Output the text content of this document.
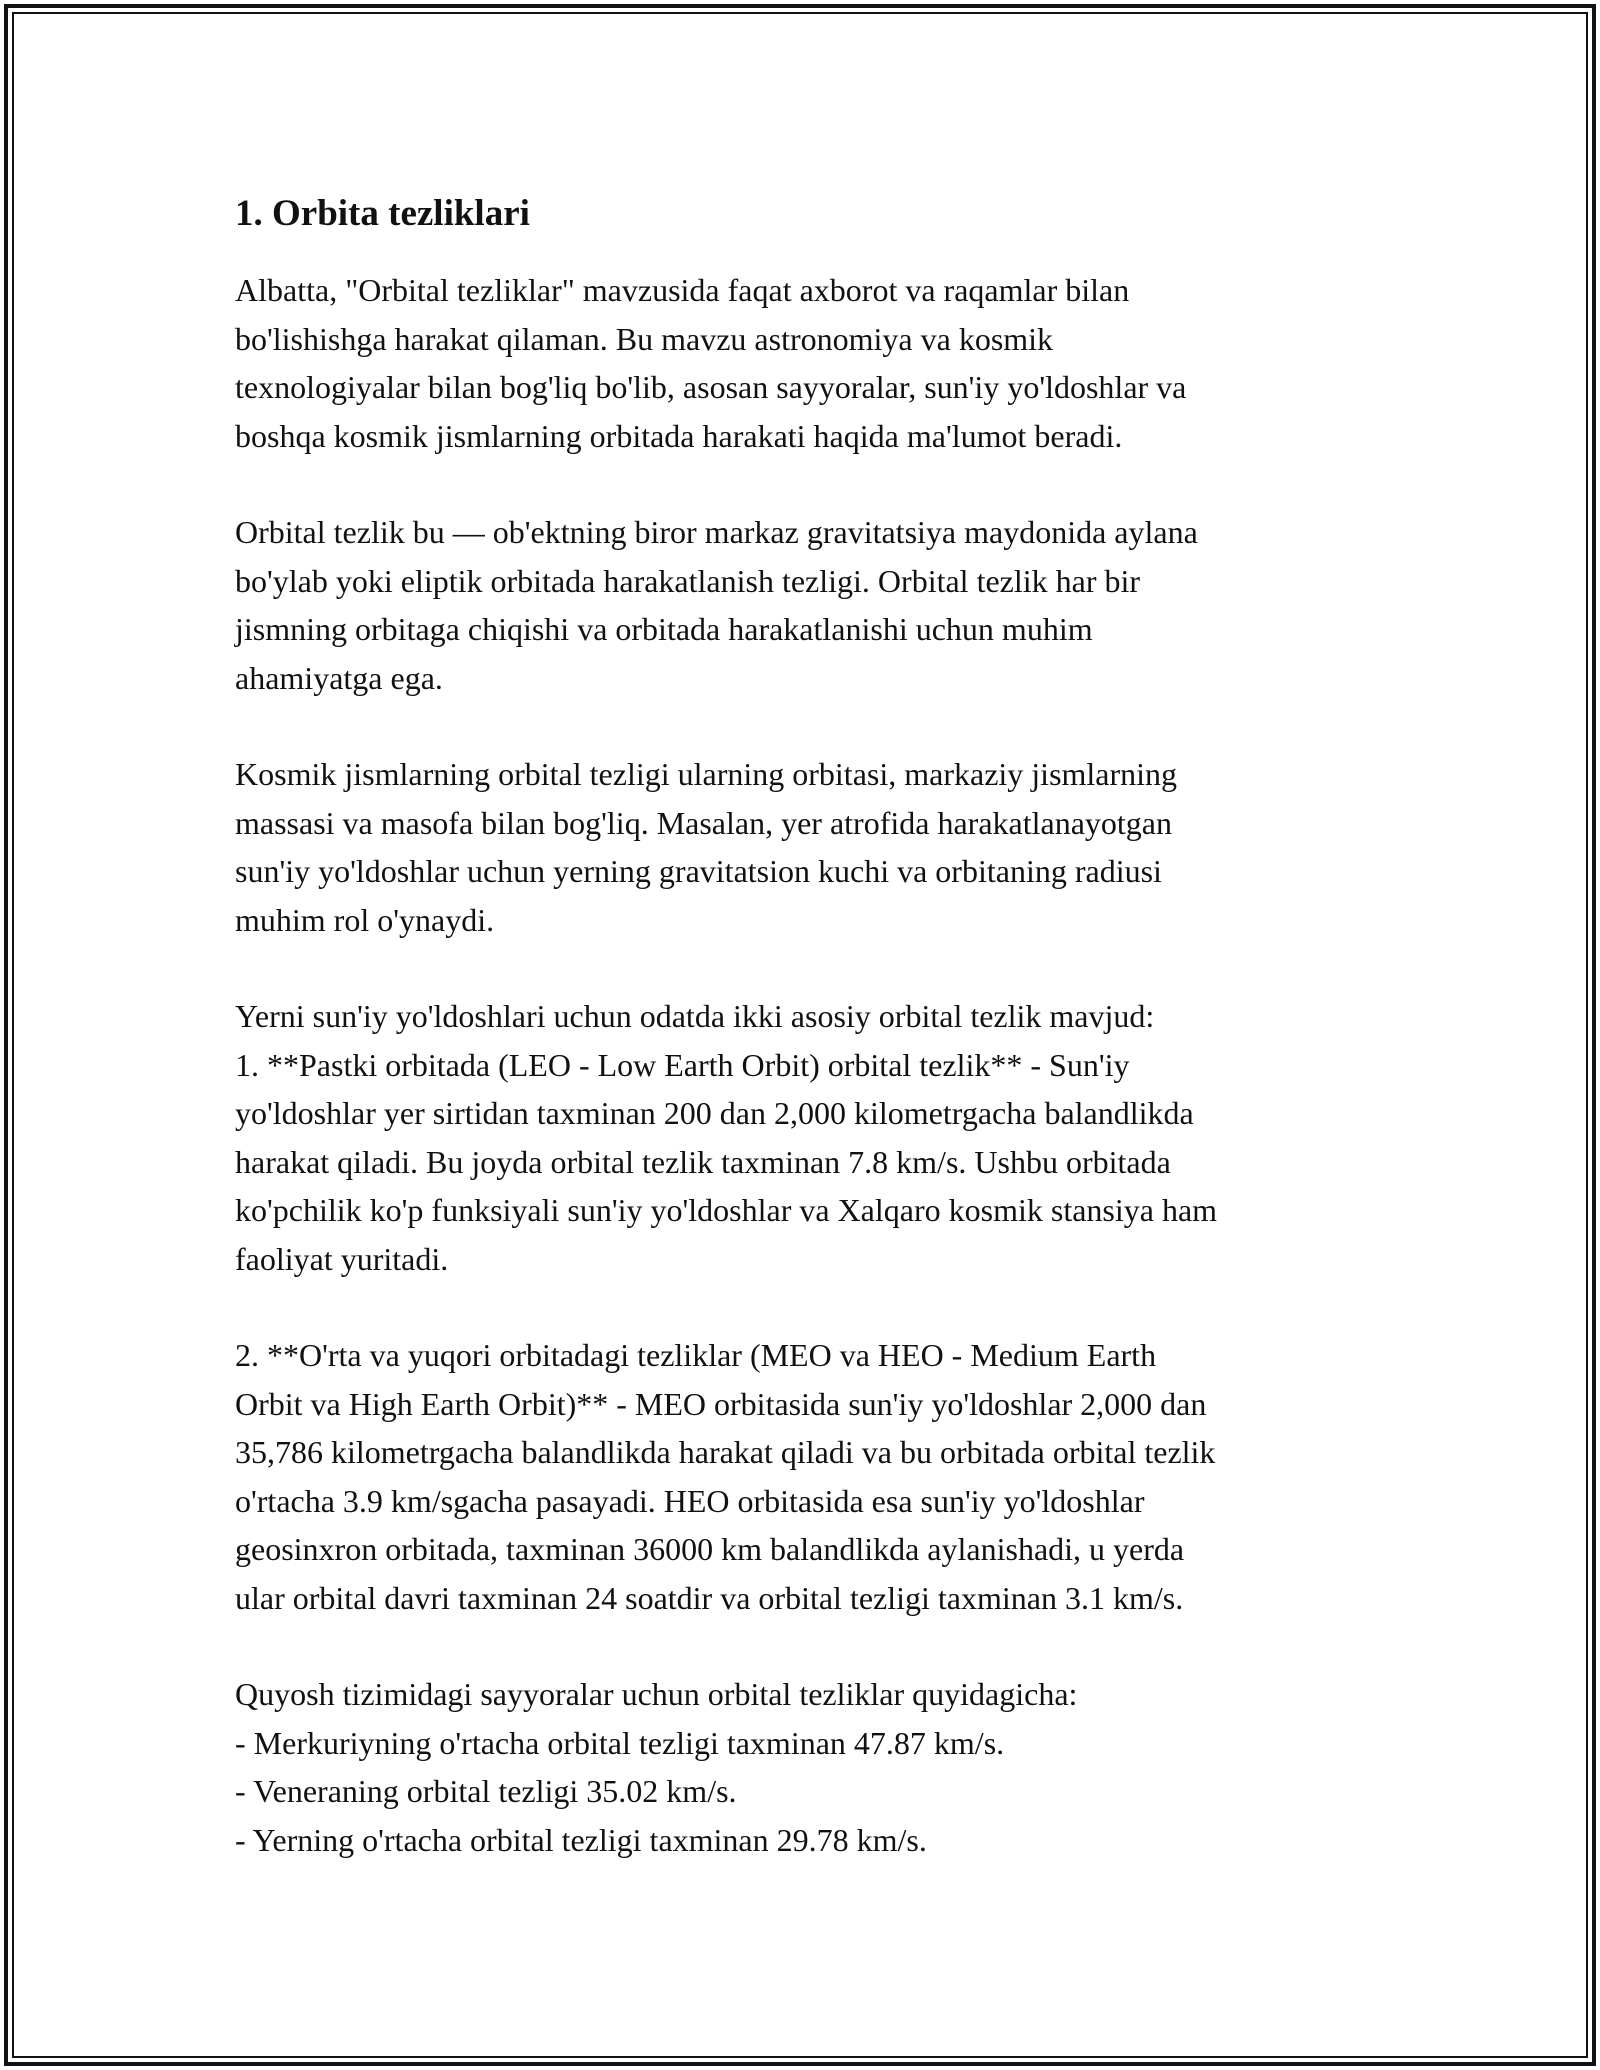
1. Orbita tezliklari
Albatta, "Orbital tezliklar" mavzusida faqat axborot va raqamlar bilan
bo'lishishga harakat qilaman. Bu mavzu astronomiya va kosmik
texnologiyalar bilan bog'liq bo'lib, asosan sayyoralar, sun'iy yo'ldoshlar va
boshqa kosmik jismlarning orbitada harakati haqida ma'lumot beradi.
Orbital tezlik bu — ob'ektning biror markaz gravitatsiya maydonida aylana
bo'ylab yoki eliptik orbitada harakatlanish tezligi. Orbital tezlik har bir
jismning orbitaga chiqishi va orbitada harakatlanishi uchun muhim
ahamiyatga ega.
Kosmik jismlarning orbital tezligi ularning orbitasi, markaziy jismlarning
massasi va masofa bilan bog'liq. Masalan, yer atrofida harakatlanayotgan
sun'iy yo'ldoshlar uchun yerning gravitatsion kuchi va orbitaning radiusi
muhim rol o'ynaydi.
Yerni sun'iy yo'ldoshlari uchun odatda ikki asosiy orbital tezlik mavjud:
1. **Pastki orbitada (LEO - Low Earth Orbit) orbital tezlik** - Sun'iy
yo'ldoshlar yer sirtidan taxminan 200 dan 2,000 kilometrgacha balandlikda
harakat qiladi. Bu joyda orbital tezlik taxminan 7.8 km/s. Ushbu orbitada
ko'pchilik ko'p funksiyali sun'iy yo'ldoshlar va Xalqaro kosmik stansiya ham
faoliyat yuritadi.
2. **O'rta va yuqori orbitadagi tezliklar (MEO va HEO - Medium Earth
Orbit va High Earth Orbit)** - MEO orbitasida sun'iy yo'ldoshlar 2,000 dan
35,786 kilometrgacha balandlikda harakat qiladi va bu orbitada orbital tezlik
o'rtacha 3.9 km/sgacha pasayadi. HEO orbitasida esa sun'iy yo'ldoshlar
geosinxron orbitada, taxminan 36000 km balandlikda aylanishadi, u yerda
ular orbital davri taxminan 24 soatdir va orbital tezligi taxminan 3.1 km/s.
Quyosh tizimidagi sayyoralar uchun orbital tezliklar quyidagicha:
- Merkuriyning o'rtacha orbital tezligi taxminan 47.87 km/s.
- Veneraning orbital tezligi 35.02 km/s.
- Yerning o'rtacha orbital tezligi taxminan 29.78 km/s.
